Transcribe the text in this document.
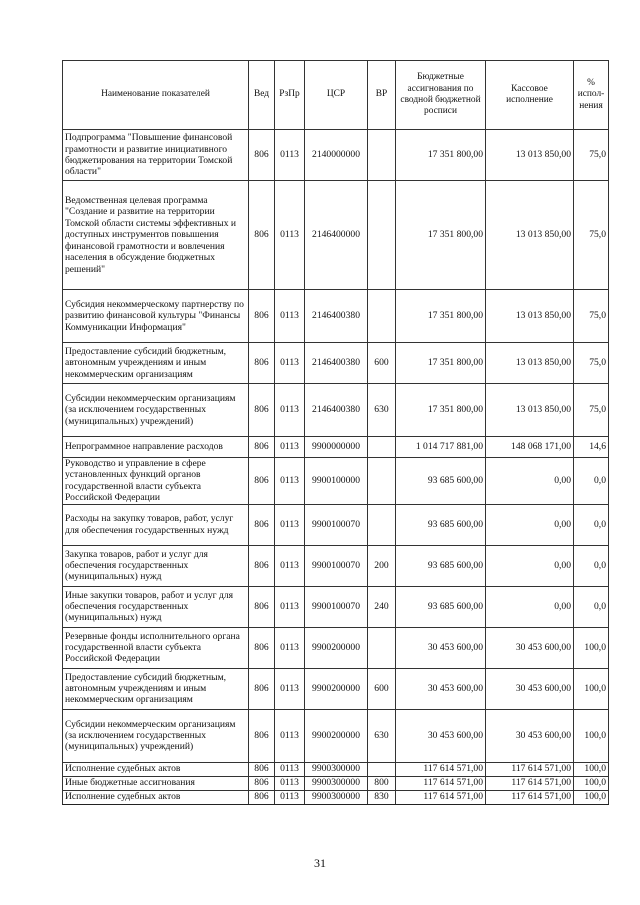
Наименование показателей	Вед	РзПр	ЦСР	ВР	Бюджетные ассигнования по сводной бюджетной росписи	Кассовое исполнение	% испол-нения
Подпрограмма "Повышение финансовой грамотности и развитие инициативного бюджетирования на территории Томской области"	806	0113	2140000000		17 351 800,00	13 013 850,00	75,0
Ведомственная целевая программа "Создание и развитие на территории Томской области системы эффективных и доступных инструментов повышения финансовой грамотности и вовлечения населения в обсуждение бюджетных решений"	806	0113	2146400000		17 351 800,00	13 013 850,00	75,0
Субсидия некоммерческому партнерству по развитию финансовой культуры "Финансы Коммуникации Информация"	806	0113	2146400380		17 351 800,00	13 013 850,00	75,0
Предоставление субсидий бюджетным, автономным учреждениям и иным некоммерческим организациям	806	0113	2146400380	600	17 351 800,00	13 013 850,00	75,0
Субсидии некоммерческим организациям (за исключением государственных (муниципальных) учреждений)	806	0113	2146400380	630	17 351 800,00	13 013 850,00	75,0
Непрограммное направление расходов	806	0113	9900000000		1 014 717 881,00	148 068 171,00	14,6
Руководство и управление в сфере установленных функций органов государственной власти субъекта Российской Федерации	806	0113	9900100000		93 685 600,00	0,00	0,0
Расходы на закупку товаров, работ, услуг для обеспечения государственных нужд	806	0113	9900100070		93 685 600,00	0,00	0,0
Закупка товаров, работ и услуг для обеспечения государственных (муниципальных) нужд	806	0113	9900100070	200	93 685 600,00	0,00	0,0
Иные закупки товаров, работ и услуг для обеспечения государственных (муниципальных) нужд	806	0113	9900100070	240	93 685 600,00	0,00	0,0
Резервные фонды исполнительного органа государственной власти субъекта Российской Федерации	806	0113	9900200000		30 453 600,00	30 453 600,00	100,0
Предоставление субсидий бюджетным, автономным учреждениям и иным некоммерческим организациям	806	0113	9900200000	600	30 453 600,00	30 453 600,00	100,0
Субсидии некоммерческим организациям (за исключением государственных (муниципальных) учреждений)	806	0113	9900200000	630	30 453 600,00	30 453 600,00	100,0
Исполнение судебных актов	806	0113	9900300000		117 614 571,00	117 614 571,00	100,0
Иные бюджетные ассигнования	806	0113	9900300000	800	117 614 571,00	117 614 571,00	100,0
Исполнение судебных актов	806	0113	9900300000	830	117 614 571,00	117 614 571,00	100,0
31
